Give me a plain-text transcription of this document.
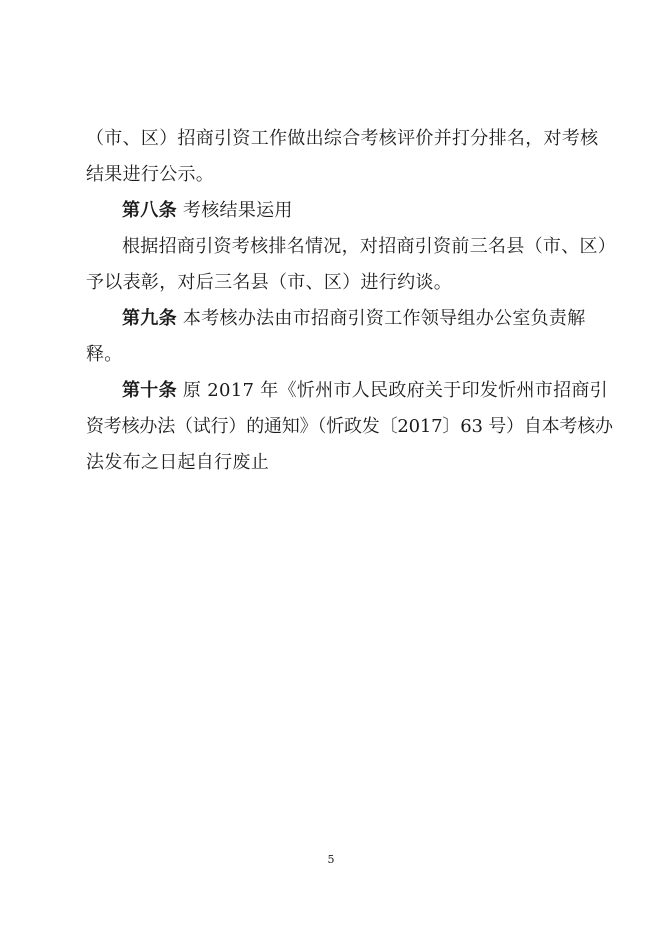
（市、区）招商引资工作做出综合考核评价并打分排名，对考核
结果进行公示。
第八条 考核结果运用
根据招商引资考核排名情况，对招商引资前三名县（市、区）
予以表彰，对后三名县（市、区）进行约谈。
第九条 本考核办法由市招商引资工作领导组办公室负责解
释。
第十条 原 2017 年《忻州市人民政府关于印发忻州市招商引
资考核办法（试行）的通知》（忻政发〔2017〕63 号）自本考核办
法发布之日起自行废止
5
